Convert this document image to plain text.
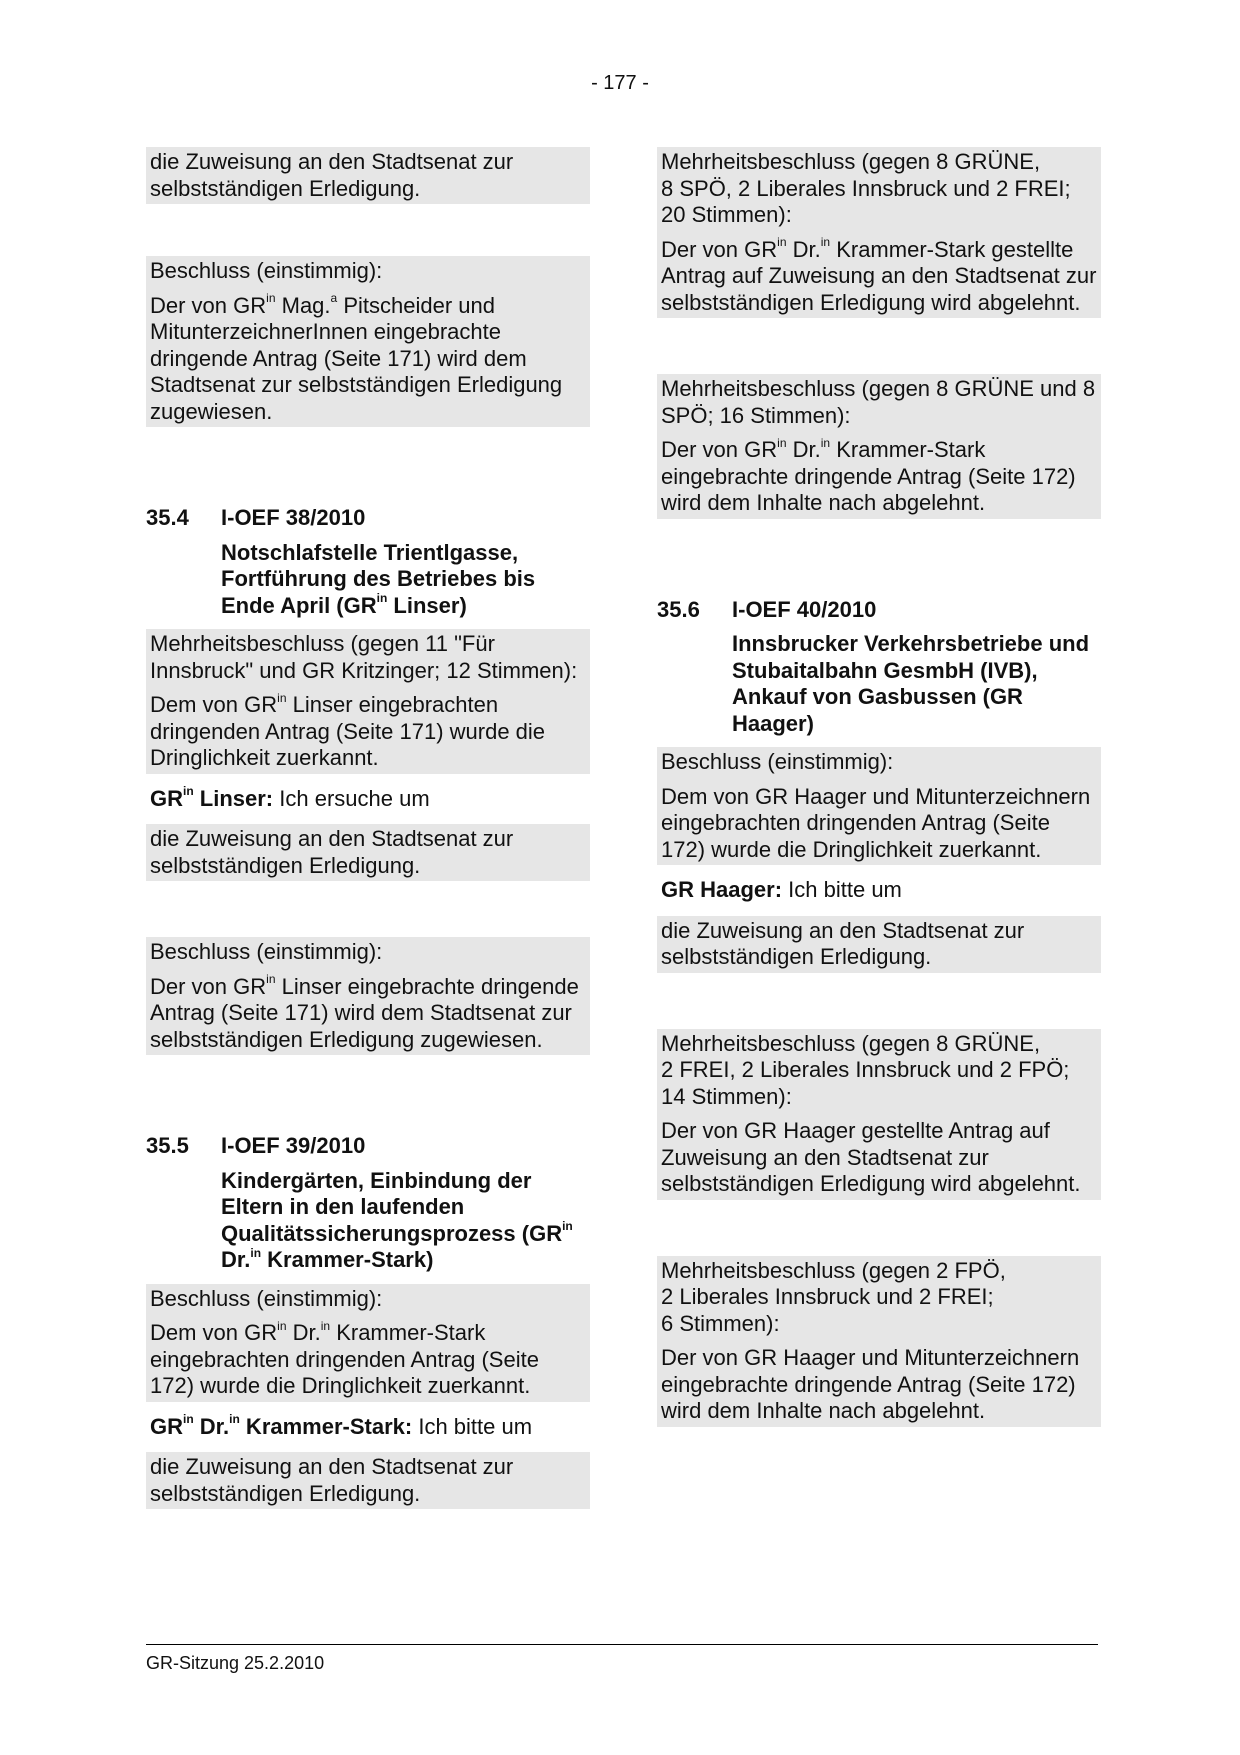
- 177 -

die Zuweisung an den Stadtsenat zur
selbstständigen Erledigung.

Beschluss (einstimmig):

Der von $GR^{in}$ Mag.$^a$ Pitscheider und MitunterzeichnerInnen eingebrachte dringende Antrag (Seite 171) wird dem Stadtsenat zur selbstständigen Erledigung zugewiesen.

35.4	I-OEF 38/2010
Notschlafstelle Trientlgasse, Fortführung des Betriebes bis Ende April ($GR^{in}$ Linser)

Mehrheitsbeschluss (gegen 11 "Für Innsbruck" und GR Kritzinger; 12 Stimmen):

Dem von $GR^{in}$ Linser eingebrachten dringenden Antrag (Seite 171) wurde die Dringlichkeit zuerkannt.

$GR^{in}$ Linser: Ich ersuche um

die Zuweisung an den Stadtsenat zur
selbstständigen Erledigung.

Beschluss (einstimmig):

Der von $GR^{in}$ Linser eingebrachte dringende Antrag (Seite 171) wird dem Stadtsenat zur selbstständigen Erledigung zugewiesen.

35.5	I-OEF 39/2010
Kindergärten, Einbindung der Eltern in den laufenden Qualitätssicherungsprozess ($GR^{in}$ Dr.$^{in}$ Krammer-Stark)

Beschluss (einstimmig):

Dem von $GR^{in}$ Dr.$^{in}$ Krammer-Stark eingebrachten dringenden Antrag (Seite 172) wurde die Dringlichkeit zuerkannt.

$GR^{in}$ Dr.$^{in}$ Krammer-Stark: Ich bitte um

die Zuweisung an den Stadtsenat zur
selbstständigen Erledigung.

Mehrheitsbeschluss (gegen 8 GRÜNE,
8 SPÖ, 2 Liberales Innsbruck und 2 FREI;
20 Stimmen):

Der von $GR^{in}$ Dr.$^{in}$ Krammer-Stark gestellte Antrag auf Zuweisung an den Stadtsenat zur selbstständigen Erledigung wird abgelehnt.

Mehrheitsbeschluss (gegen 8 GRÜNE und 8 SPÖ; 16 Stimmen):

Der von $GR^{in}$ Dr.$^{in}$ Krammer-Stark eingebrachte dringende Antrag (Seite 172) wird dem Inhalte nach abgelehnt.

35.6	I-OEF 40/2010
Innsbrucker Verkehrsbetriebe und Stubaitalbahn GesmbH (IVB), Ankauf von Gasbussen (GR Haager)

Beschluss (einstimmig):

Dem von GR Haager und Mitunterzeichnern eingebrachten dringenden Antrag (Seite 172) wurde die Dringlichkeit zuerkannt.

GR Haager: Ich bitte um

die Zuweisung an den Stadtsenat zur
selbstständigen Erledigung.

Mehrheitsbeschluss (gegen 8 GRÜNE,
2 FREI, 2 Liberales Innsbruck und 2 FPÖ;
14 Stimmen):

Der von GR Haager gestellte Antrag auf Zuweisung an den Stadtsenat zur selbstständigen Erledigung wird abgelehnt.

Mehrheitsbeschluss (gegen 2 FPÖ,
2 Liberales Innsbruck und 2 FREI;
6 Stimmen):

Der von GR Haager und Mitunterzeichnern eingebrachte dringende Antrag (Seite 172) wird dem Inhalte nach abgelehnt.

GR-Sitzung 25.2.2010
